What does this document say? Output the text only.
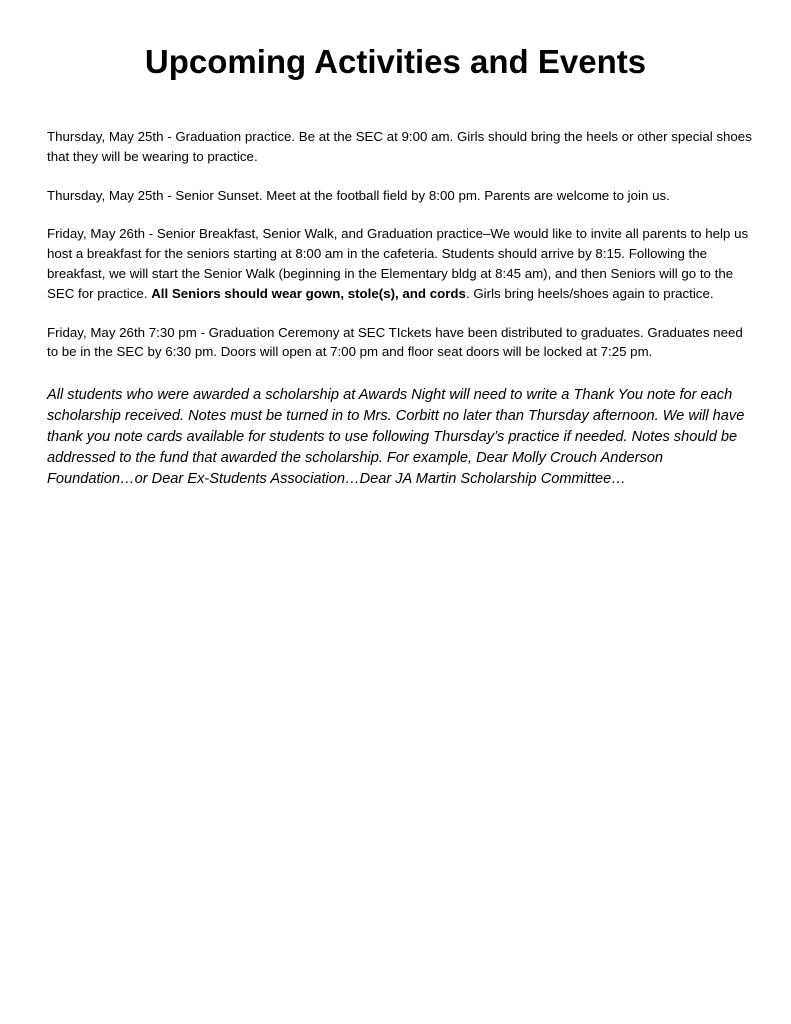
Upcoming Activities and Events

Thursday, May 25th - Graduation practice. Be at the SEC at 9:00 am. Girls should bring the heels or other special shoes that they will be wearing to practice.

Thursday, May 25th - Senior Sunset. Meet at the football field by 8:00 pm. Parents are welcome to join us.

Friday, May 26th - Senior Breakfast, Senior Walk, and Graduation practice–We would like to invite all parents to help us host a breakfast for the seniors starting at 8:00 am in the cafeteria. Students should arrive by 8:15. Following the breakfast, we will start the Senior Walk (beginning in the Elementary bldg at 8:45 am), and then Seniors will go to the SEC for practice. All Seniors should wear gown, stole(s), and cords. Girls bring heels/shoes again to practice.

Friday, May 26th 7:30 pm - Graduation Ceremony at SEC TIckets have been distributed to graduates. Graduates need to be in the SEC by 6:30 pm. Doors will open at 7:00 pm and floor seat doors will be locked at 7:25 pm.

All students who were awarded a scholarship at Awards Night will need to write a Thank You note for each scholarship received. Notes must be turned in to Mrs. Corbitt no later than Thursday afternoon. We will have thank you note cards available for students to use following Thursday’s practice if needed. Notes should be addressed to the fund that awarded the scholarship. For example, Dear Molly Crouch Anderson Foundation…or Dear Ex-Students Association…Dear JA Martin Scholarship Committee…
